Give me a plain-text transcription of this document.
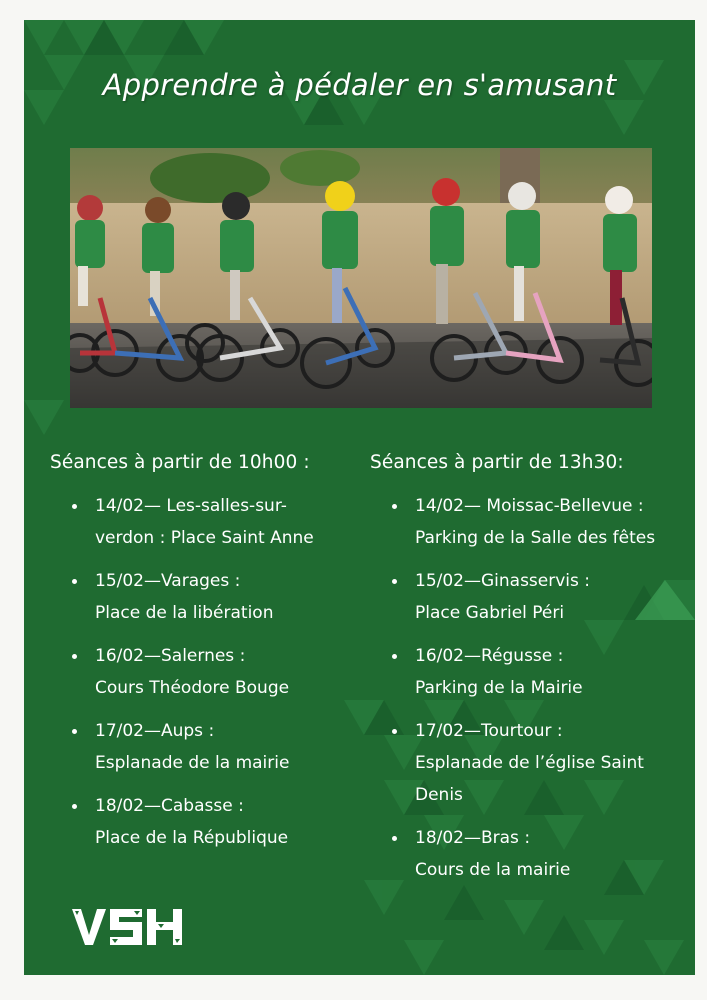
Apprendre à pédaler en s'amusant
Séances à partir de 10h00 :
14/02— Les-salles-sur-
verdon : Place Saint Anne
15/02—Varages :
Place de la libération
16/02—Salernes :
Cours Théodore Bouge
17/02—Aups :
Esplanade de la mairie
18/02—Cabasse :
Place de la République
Séances à partir de 13h30:
14/02— Moissac-Bellevue :
Parking de la Salle des fêtes
15/02—Ginasservis :
Place Gabriel Péri
16/02—Régusse :
Parking de la Mairie
17/02—Tourtour :
Esplanade de l’église Saint
Denis
18/02—Bras :
Cours de la mairie
